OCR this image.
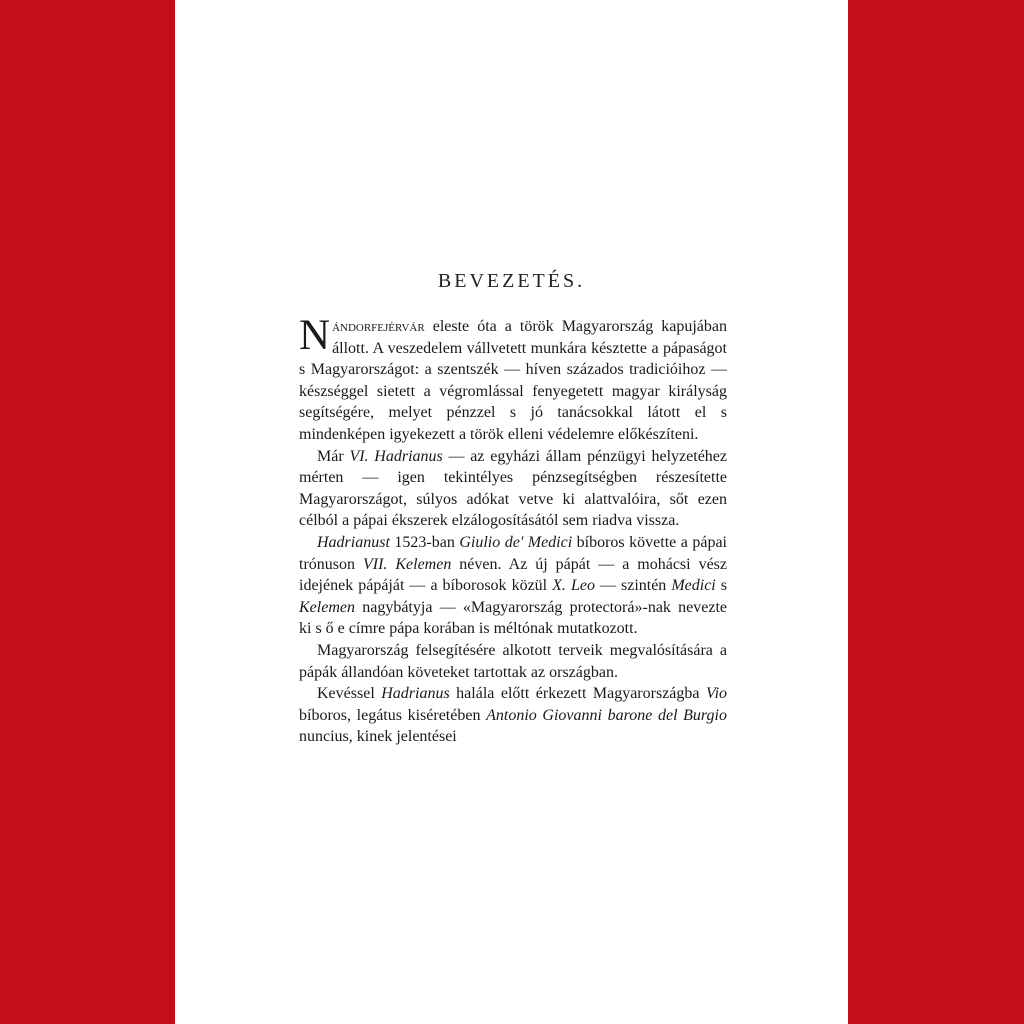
BEVEZETÉS.

Nándorfejérvár eleste óta a török Magyarország kapujában állott. A veszedelem vállvetett munkára késztette a pápaságot s Magyarországot: a szentszék — híven százados tradicióihoz — készséggel sietett a végromlással fenyegetett magyar királyság segítségére, melyet pénzzel s jó tanácsokkal látott el s mindenképen igyekezett a török elleni védelemre előkészíteni.

Már VI. Hadrianus — az egyházi állam pénzügyi helyzetéhez mérten — igen tekintélyes pénzsegítségben részesítette Magyarországot, súlyos adókat vetve ki alattvalóira, sőt ezen célból a pápai ékszerek elzálogosításától sem riadva vissza.

Hadrianust 1523-ban Giulio de' Medici bíboros követte a pápai trónuson VII. Kelemen néven. Az új pápát — a mohácsi vész idejének pápáját — a bíborosok közül X. Leo — szintén Medici s Kelemen nagybátyja — «Magyarország protectorá»-nak nevezte ki s ő e címre pápa korában is méltónak mutatkozott.

Magyarország felsegítésére alkotott terveik megvalósítására a pápák állandóan követeket tartottak az országban.

Kevéssel Hadrianus halála előtt érkezett Magyarországba Vio bíboros, legátus kiséretében Antonio Giovanni barone del Burgio nuncius, kinek jelentései
